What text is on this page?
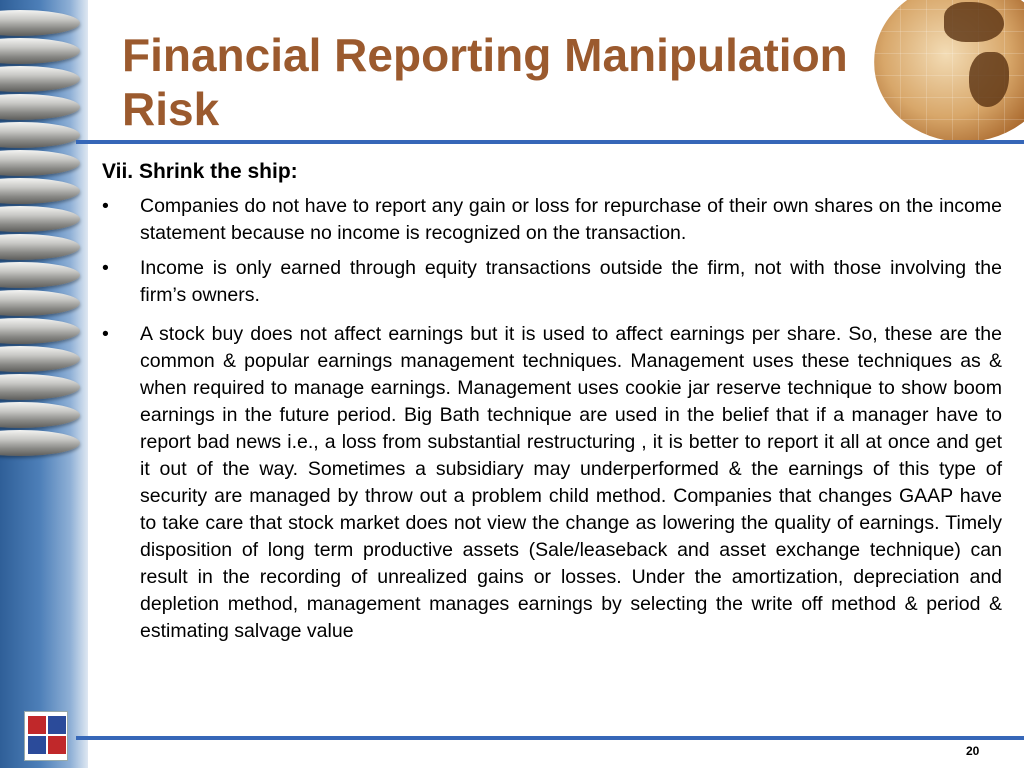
Financial Reporting Manipulation
Risk
Vii. Shrink the ship:
• Companies do not have to report any gain or loss for repurchase of their own shares on the income statement because no income is recognized on the transaction.
• Income is only earned through equity transactions outside the firm, not with those involving the firm’s owners.
• A stock buy does not affect earnings but it is used to affect earnings per share. So, these are the common & popular earnings management techniques. Management uses these techniques as & when required to manage earnings. Management uses cookie jar reserve technique to show boom earnings in the future period. Big Bath technique are used in the belief that if a manager have to report bad news i.e., a loss from substantial restructuring , it is better to report it all at once and get it out of the way. Sometimes a subsidiary may underperformed & the earnings of this type of security are managed by throw out a problem child method. Companies that changes GAAP have to take care that stock market does not view the change as lowering the quality of earnings. Timely disposition of long term productive assets (Sale/leaseback and asset exchange technique) can result in the recording of unrealized gains or losses. Under the amortization, depreciation and depletion method, management manages earnings by selecting the write off method & period & estimating salvage value
20
